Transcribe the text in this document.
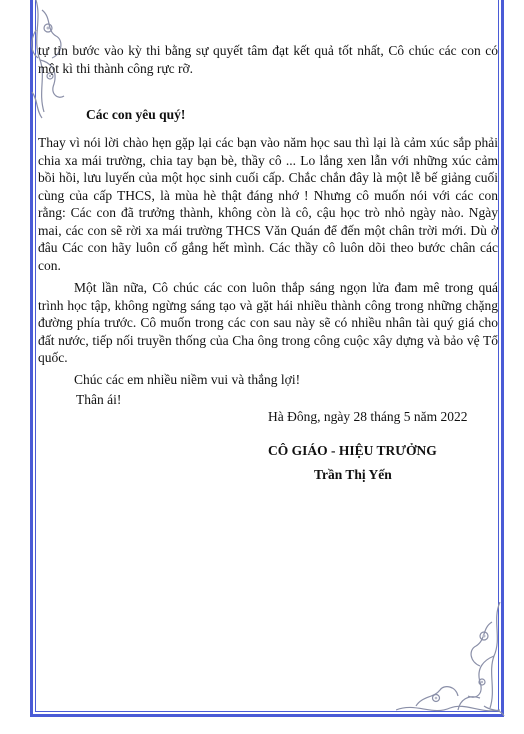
tự tin bước vào kỳ thi bằng sự quyết tâm đạt kết quả tốt nhất, Cô chúc các con có một kì thi thành công rực rỡ.
Các con yêu quý!
Thay vì nói lời chào hẹn gặp lại các bạn vào năm học sau thì lại là cảm xúc sắp phải chia xa mái trường, chia tay bạn bè, thầy cô ... Lo lắng xen lẫn với những xúc cảm bồi hồi, lưu luyến của một học sinh cuối cấp. Chắc chắn đây là một lễ bế giảng cuối cùng của cấp THCS, là mùa hè thật đáng nhớ ! Nhưng cô muốn nói với các con rằng: Các con đã trưởng thành, không còn là cô, cậu học trò nhỏ ngày nào. Ngày mai, các con sẽ rời xa mái trường THCS Văn Quán để đến một chân trời mới. Dù ở đâu Các con hãy luôn cố gắng hết mình. Các thầy cô luôn dõi theo bước chân các con.
Một lần nữa, Cô chúc các con luôn thắp sáng ngọn lửa đam mê trong quá trình học tập, không ngừng sáng tạo và gặt hái nhiều thành công trong những chặng đường phía trước. Cô muốn trong các con sau này sẽ có nhiều nhân tài quý giá cho đất nước, tiếp nối truyền thống của Cha ông trong công cuộc xây dựng và bảo vệ Tổ quốc.
Chúc các em nhiều niềm vui và thắng lợi!
Thân ái!
Hà Đông, ngày 28 tháng 5 năm 2022
CÔ GIÁO - HIỆU TRƯỞNG
Trần Thị Yến
